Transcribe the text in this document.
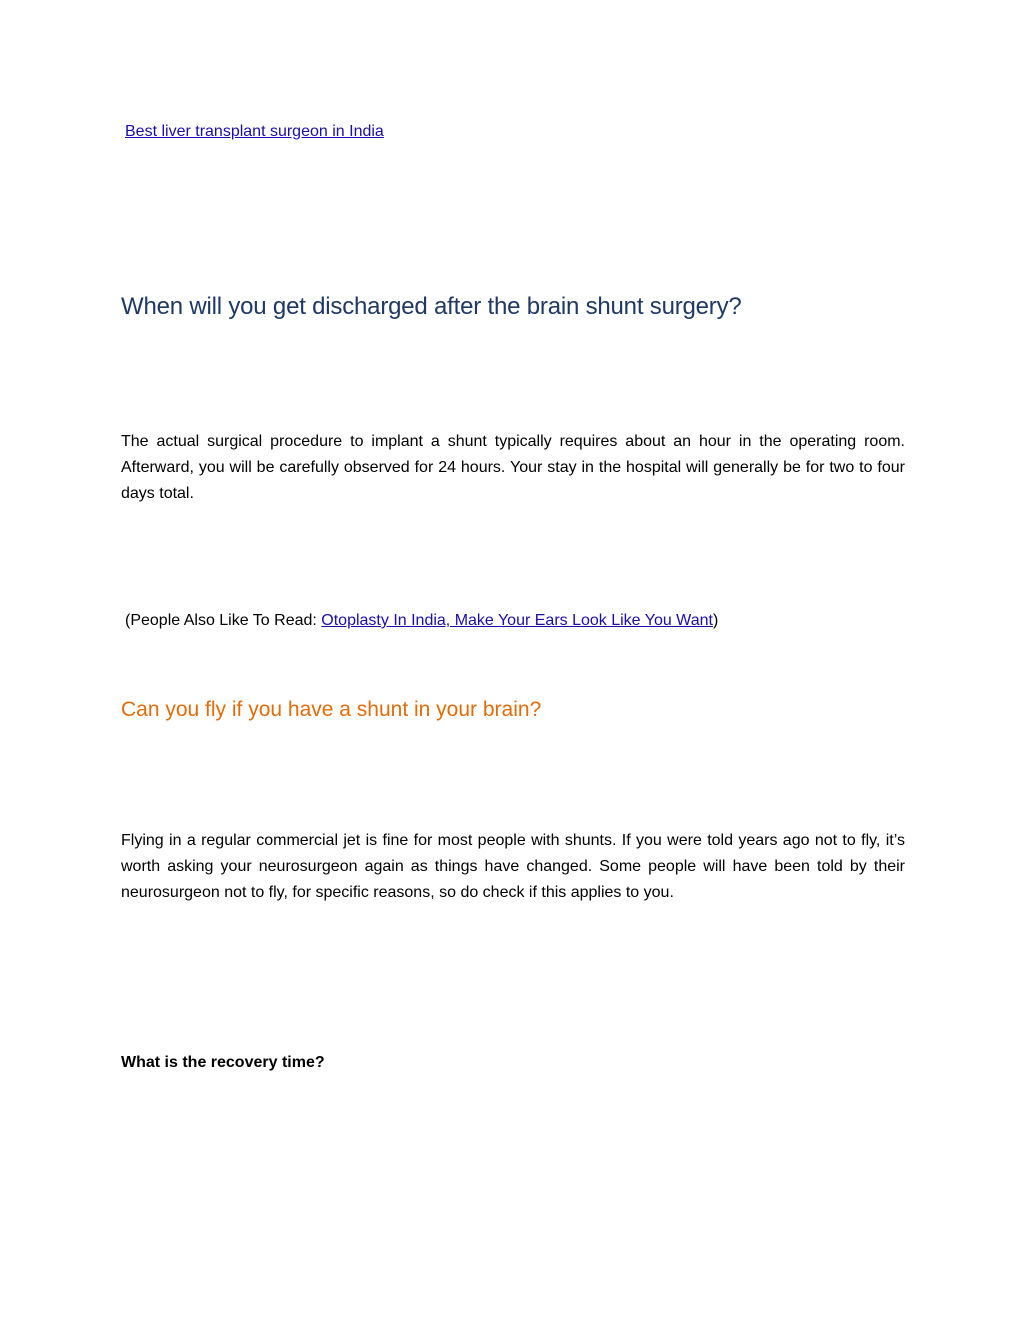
Best liver transplant surgeon in India
When will you get discharged after the brain shunt surgery?

The actual surgical procedure to implant a shunt typically requires about an hour in the operating room. Afterward, you will be carefully observed for 24 hours. Your stay in the hospital will generally be for two to four days total.

(People Also Like To Read: Otoplasty In India, Make Your Ears Look Like You Want)

Can you fly if you have a shunt in your brain?

Flying in a regular commercial jet is fine for most people with shunts. If you were told years ago not to fly, it’s worth asking your neurosurgeon again as things have changed. Some people will have been told by their neurosurgeon not to fly, for specific reasons, so do check if this applies to you.

What is the recovery time?
